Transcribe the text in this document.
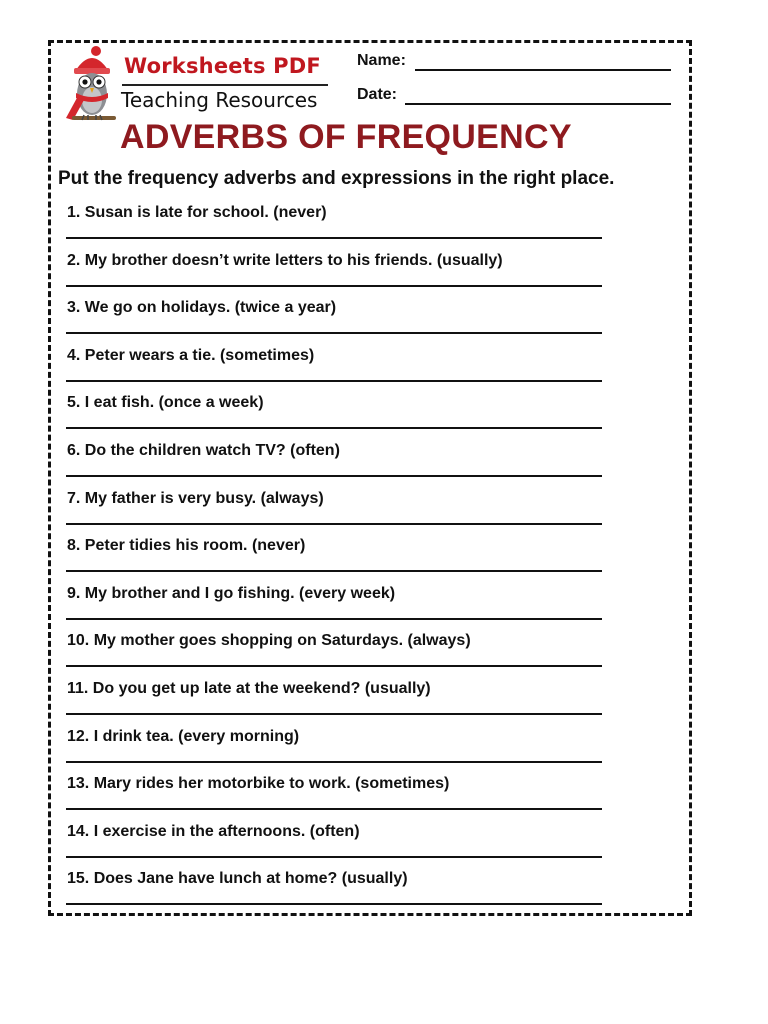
Worksheets PDF
Teaching Resources
Name:
Date:
ADVERBS OF FREQUENCY
Put the frequency adverbs and expressions in the right place.
1. Susan is late for school. (never)
2. My brother doesn’t write letters to his friends. (usually)
3. We go on holidays. (twice a year)
4. Peter wears a tie. (sometimes)
5. I eat fish. (once a week)
6. Do the children watch TV? (often)
7. My father is very busy. (always)
8. Peter tidies his room. (never)
9. My brother and I go fishing. (every week)
10. My mother goes shopping on Saturdays. (always)
11. Do you get up late at the weekend? (usually)
12. I drink tea. (every morning)
13. Mary rides her motorbike to work. (sometimes)
14. I exercise in the afternoons. (often)
15. Does Jane have lunch at home? (usually)
